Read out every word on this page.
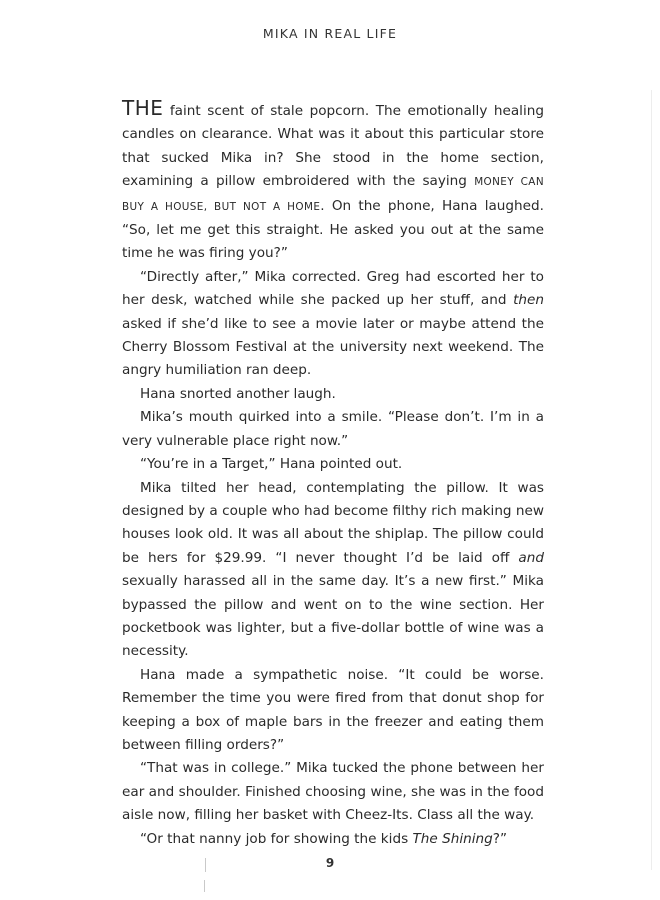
MIKA IN REAL LIFE

THE faint scent of stale popcorn. The emotionally healing candles on clearance. What was it about this particular store that sucked Mika in? She stood in the home section, examining a pillow embroidered with the saying MONEY CAN BUY A HOUSE, BUT NOT A HOME. On the phone, Hana laughed. “So, let me get this straight. He asked you out at the same time he was firing you?”

“Directly after,” Mika corrected. Greg had escorted her to her desk, watched while she packed up her stuff, and then asked if she’d like to see a movie later or maybe attend the Cherry Blossom Festival at the university next weekend. The angry humiliation ran deep.

Hana snorted another laugh.

Mika’s mouth quirked into a smile. “Please don’t. I’m in a very vulnerable place right now.”

“You’re in a Target,” Hana pointed out.

Mika tilted her head, contemplating the pillow. It was designed by a couple who had become filthy rich making new houses look old. It was all about the shiplap. The pillow could be hers for $29.99. “I never thought I’d be laid off and sexually harassed all in the same day. It’s a new first.” Mika bypassed the pillow and went on to the wine section. Her pocketbook was lighter, but a five-dollar bottle of wine was a necessity.

Hana made a sympathetic noise. “It could be worse. Remember the time you were fired from that donut shop for keeping a box of maple bars in the freezer and eating them between filling orders?”

“That was in college.” Mika tucked the phone between her ear and shoulder. Finished choosing wine, she was in the food aisle now, filling her basket with Cheez-Its. Class all the way.

“Or that nanny job for showing the kids The Shining?”

9
